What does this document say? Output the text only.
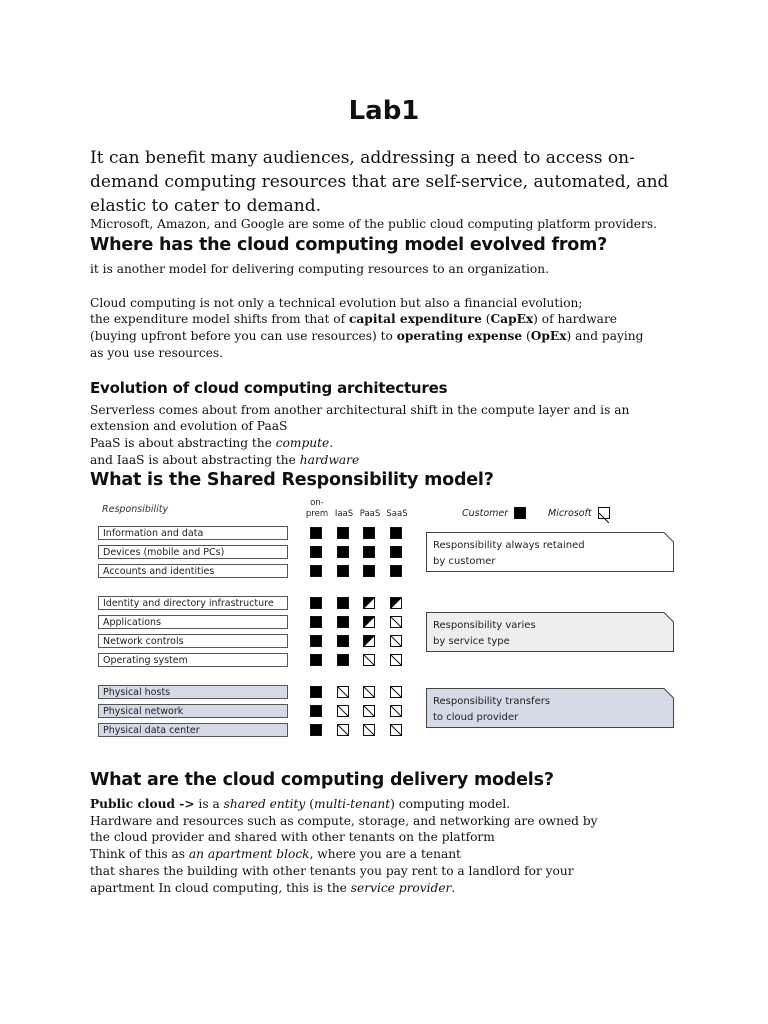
Lab1
It can benefit many audiences, addressing a need to access on-demand computing resources that are self-service, automated, and elastic to cater to demand.
Microsoft, Amazon, and Google are some of the public cloud computing platform providers.
Where has the cloud computing model evolved from?
it is another model for delivering computing resources to an organization.
Cloud computing is not only a technical evolution but also a financial evolution;
the expenditure model shifts from that of capital expenditure (CapEx) of hardware
(buying upfront before you can use resources) to operating expense (OpEx) and paying
as you use resources.
Evolution of cloud computing architectures
Serverless comes about from another architectural shift in the compute layer and is an
extension and evolution of PaaS
PaaS is about abstracting the compute.
and IaaS is about abstracting the hardware
What is the Shared Responsibility model?
Responsibility
on-
prem IaaS PaaS SaaS	Customer	Microsoft
Information and data
Devices (mobile and PCs)
Accounts and identities
Identity and directory infrastructure
Applications
Network controls
Operating system
Physical hosts
Physical network
Physical data center
Responsibility always retained
by customer
Responsibility varies
by service type
Responsibility transfers
to cloud provider
What are the cloud computing delivery models?
Public cloud -> is a shared entity (multi-tenant) computing model.
Hardware and resources such as compute, storage, and networking are owned by
the cloud provider and shared with other tenants on the platform
Think of this as an apartment block, where you are a tenant
that shares the building with other tenants you pay rent to a landlord for your
apartment In cloud computing, this is the service provider.
